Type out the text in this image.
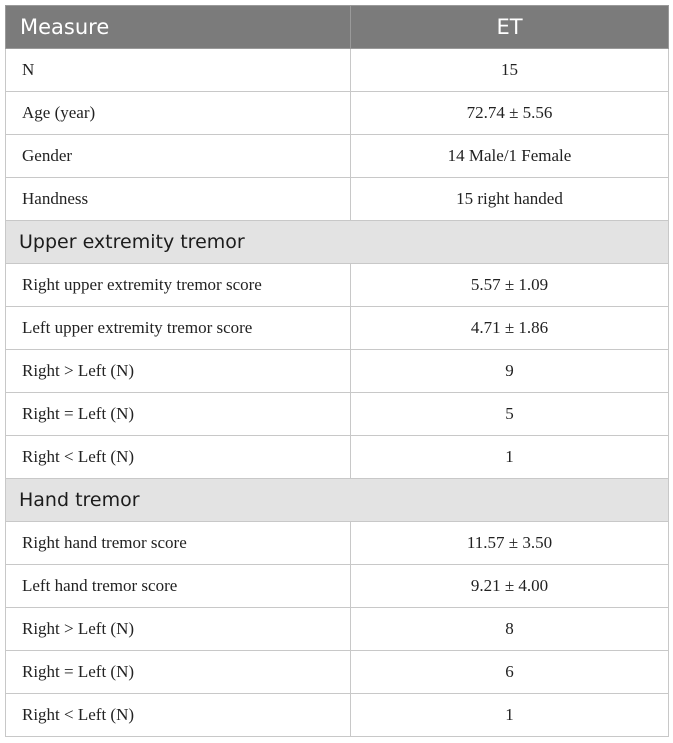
Measure	ET
N	15
Age (year)	72.74 ± 5.56
Gender	14 Male/1 Female
Handness	15 right handed
Upper extremity tremor	
Right upper extremity tremor score	5.57 ± 1.09
Left upper extremity tremor score	4.71 ± 1.86
Right > Left (N)	9
Right = Left (N)	5
Right < Left (N)	1
Hand tremor	
Right hand tremor score	11.57 ± 3.50
Left hand tremor score	9.21 ± 4.00
Right > Left (N)	8
Right = Left (N)	6
Right < Left (N)	1
